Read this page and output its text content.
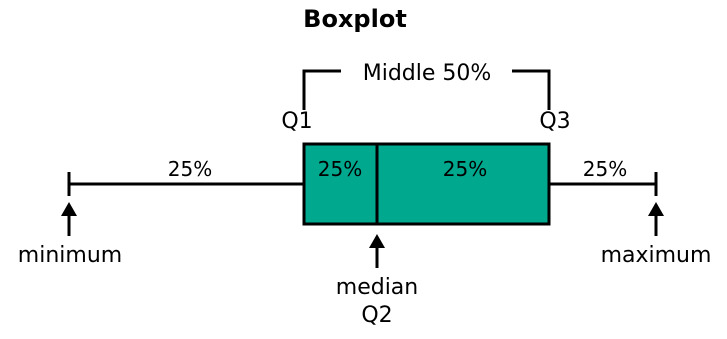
Boxplot
Middle 50%
Q1	Q3
25%	25%	25%	25%
minimum	maximum
median
Q2
